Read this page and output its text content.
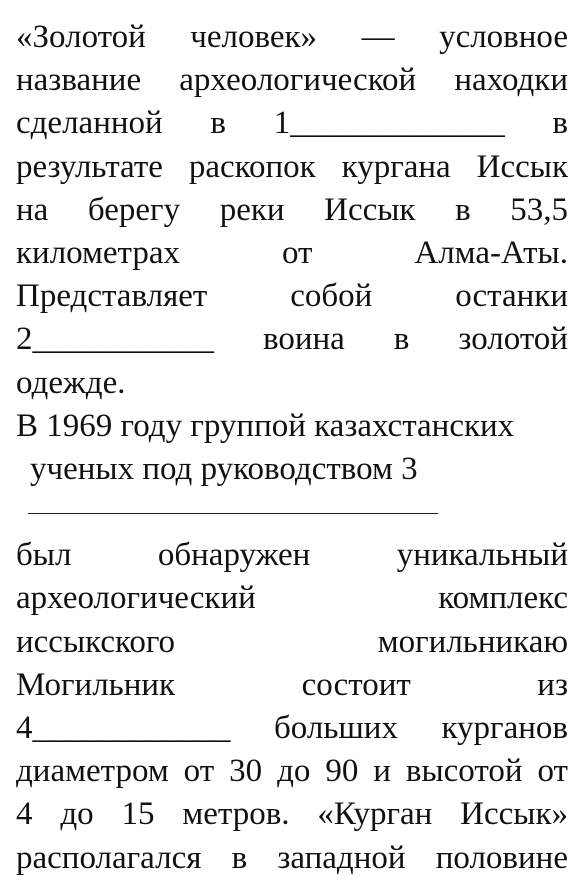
«Золотой человек» — условное
название археологической находки
сделанной в 1_____________ в
результате раскопок кургана Иссык
на берегу реки Иссык в 53,5
километрах	от	Алма-Аты.
Представляет	собой	останки
2___________ воина в золотой
одежде.
В 1969 году группой казахстанских
ученых под руководством 3
был	обнаружен	уникальный
археологический	комплекс
иссыкского	могильникаю
Могильник	состоит	из
4____________ больших курганов
диаметром от 30 до 90 и высотой от
4 до 15 метров. «Курган Иссык»
располагался в западной половине
